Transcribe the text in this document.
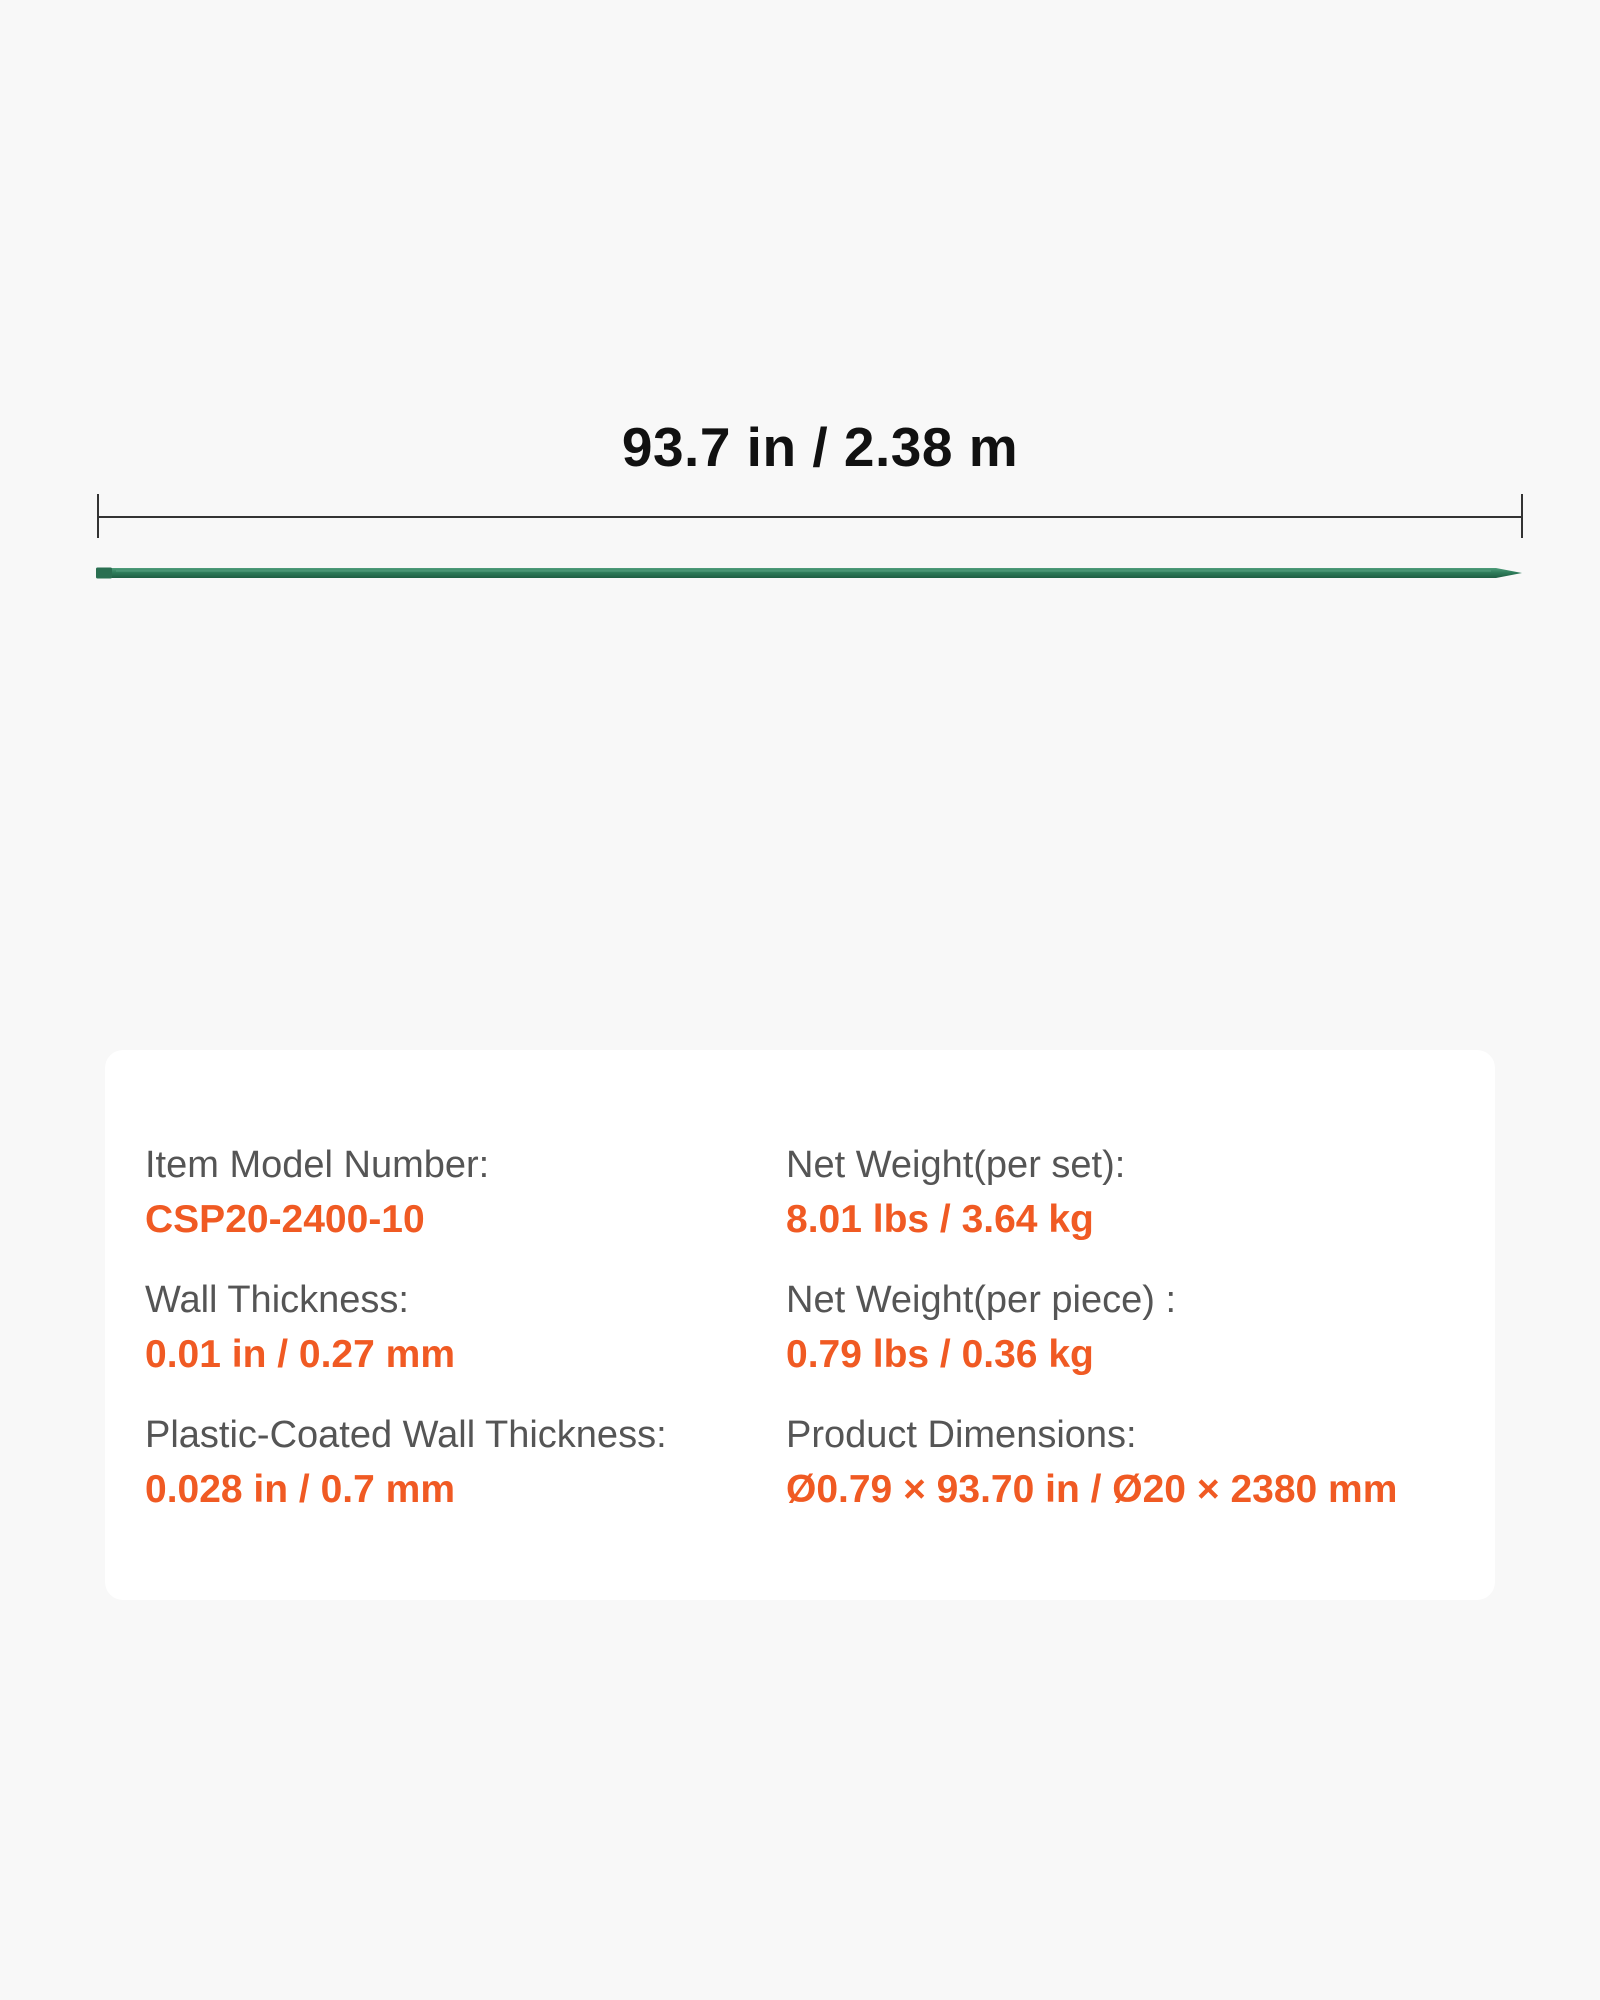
93.7 in / 2.38 m
Item Model Number:
CSP20-2400-10
Net Weight(per set):
8.01 lbs / 3.64 kg
Wall Thickness:
0.01 in / 0.27 mm
Net Weight(per piece) :
0.79 lbs / 0.36 kg
Plastic-Coated Wall Thickness:
0.028 in / 0.7 mm
Product Dimensions:
Ø0.79 × 93.70 in / Ø20 × 2380 mm
